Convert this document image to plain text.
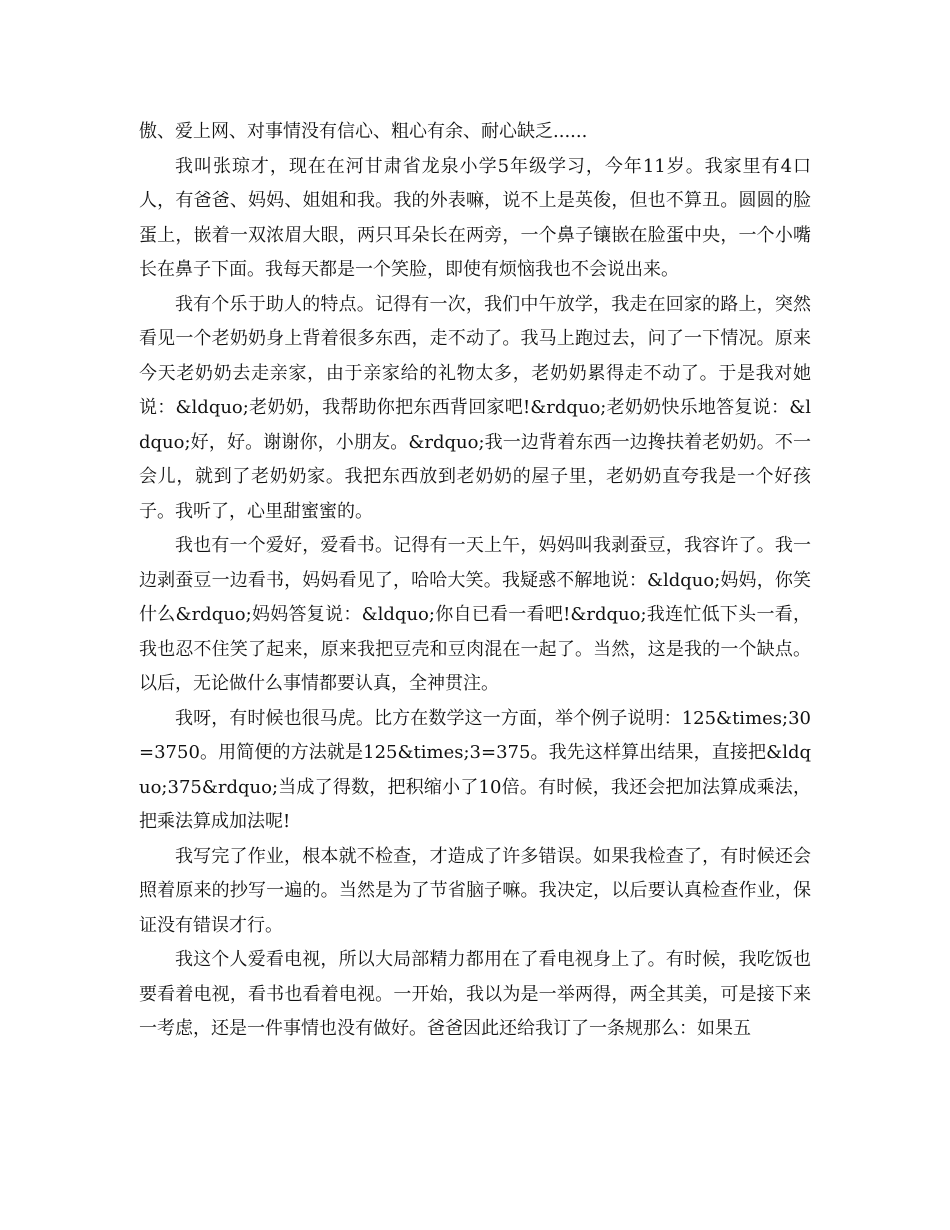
傲、爱上网、对事情没有信心、粗心有余、耐心缺乏......

我叫张琼才，现在在河甘肃省龙泉小学5年级学习，今年11岁。我家里有4口人，有爸爸、妈妈、姐姐和我。我的外表嘛，说不上是英俊，但也不算丑。圆圆的脸蛋上，嵌着一双浓眉大眼，两只耳朵长在两旁，一个鼻子镶嵌在脸蛋中央，一个小嘴长在鼻子下面。我每天都是一个笑脸，即使有烦恼我也不会说出来。

我有个乐于助人的特点。记得有一次，我们中午放学，我走在回家的路上，突然看见一个老奶奶身上背着很多东西，走不动了。我马上跑过去，问了一下情况。原来今天老奶奶去走亲家，由于亲家给的礼物太多，老奶奶累得走不动了。于是我对她说：&ldquo;老奶奶，我帮助你把东西背回家吧!&rdquo;老奶奶快乐地答复说：&ldquo;好，好。谢谢你，小朋友。&rdquo;我一边背着东西一边搀扶着老奶奶。不一会儿，就到了老奶奶家。我把东西放到老奶奶的屋子里，老奶奶直夸我是一个好孩子。我听了，心里甜蜜蜜的。

我也有一个爱好，爱看书。记得有一天上午，妈妈叫我剥蚕豆，我容许了。我一边剥蚕豆一边看书，妈妈看见了，哈哈大笑。我疑惑不解地说：&ldquo;妈妈，你笑什么&rdquo;妈妈答复说：&ldquo;你自已看一看吧!&rdquo;我连忙低下头一看，我也忍不住笑了起来，原来我把豆壳和豆肉混在一起了。当然，这是我的一个缺点。以后，无论做什么事情都要认真，全神贯注。

我呀，有时候也很马虎。比方在数学这一方面，举个例子说明：125&times;30=3750。用简便的方法就是125&times;3=375。我先这样算出结果，直接把&ldquo;375&rdquo;当成了得数，把积缩小了10倍。有时候，我还会把加法算成乘法，把乘法算成加法呢!

我写完了作业，根本就不检查，才造成了许多错误。如果我检查了，有时候还会照着原来的抄写一遍的。当然是为了节省脑子嘛。我决定，以后要认真检查作业，保证没有错误才行。

我这个人爱看电视，所以大局部精力都用在了看电视身上了。有时候，我吃饭也要看着电视，看书也看着电视。一开始，我以为是一举两得，两全其美，可是接下来一考虑，还是一件事情也没有做好。爸爸因此还给我订了一条规那么：如果五
